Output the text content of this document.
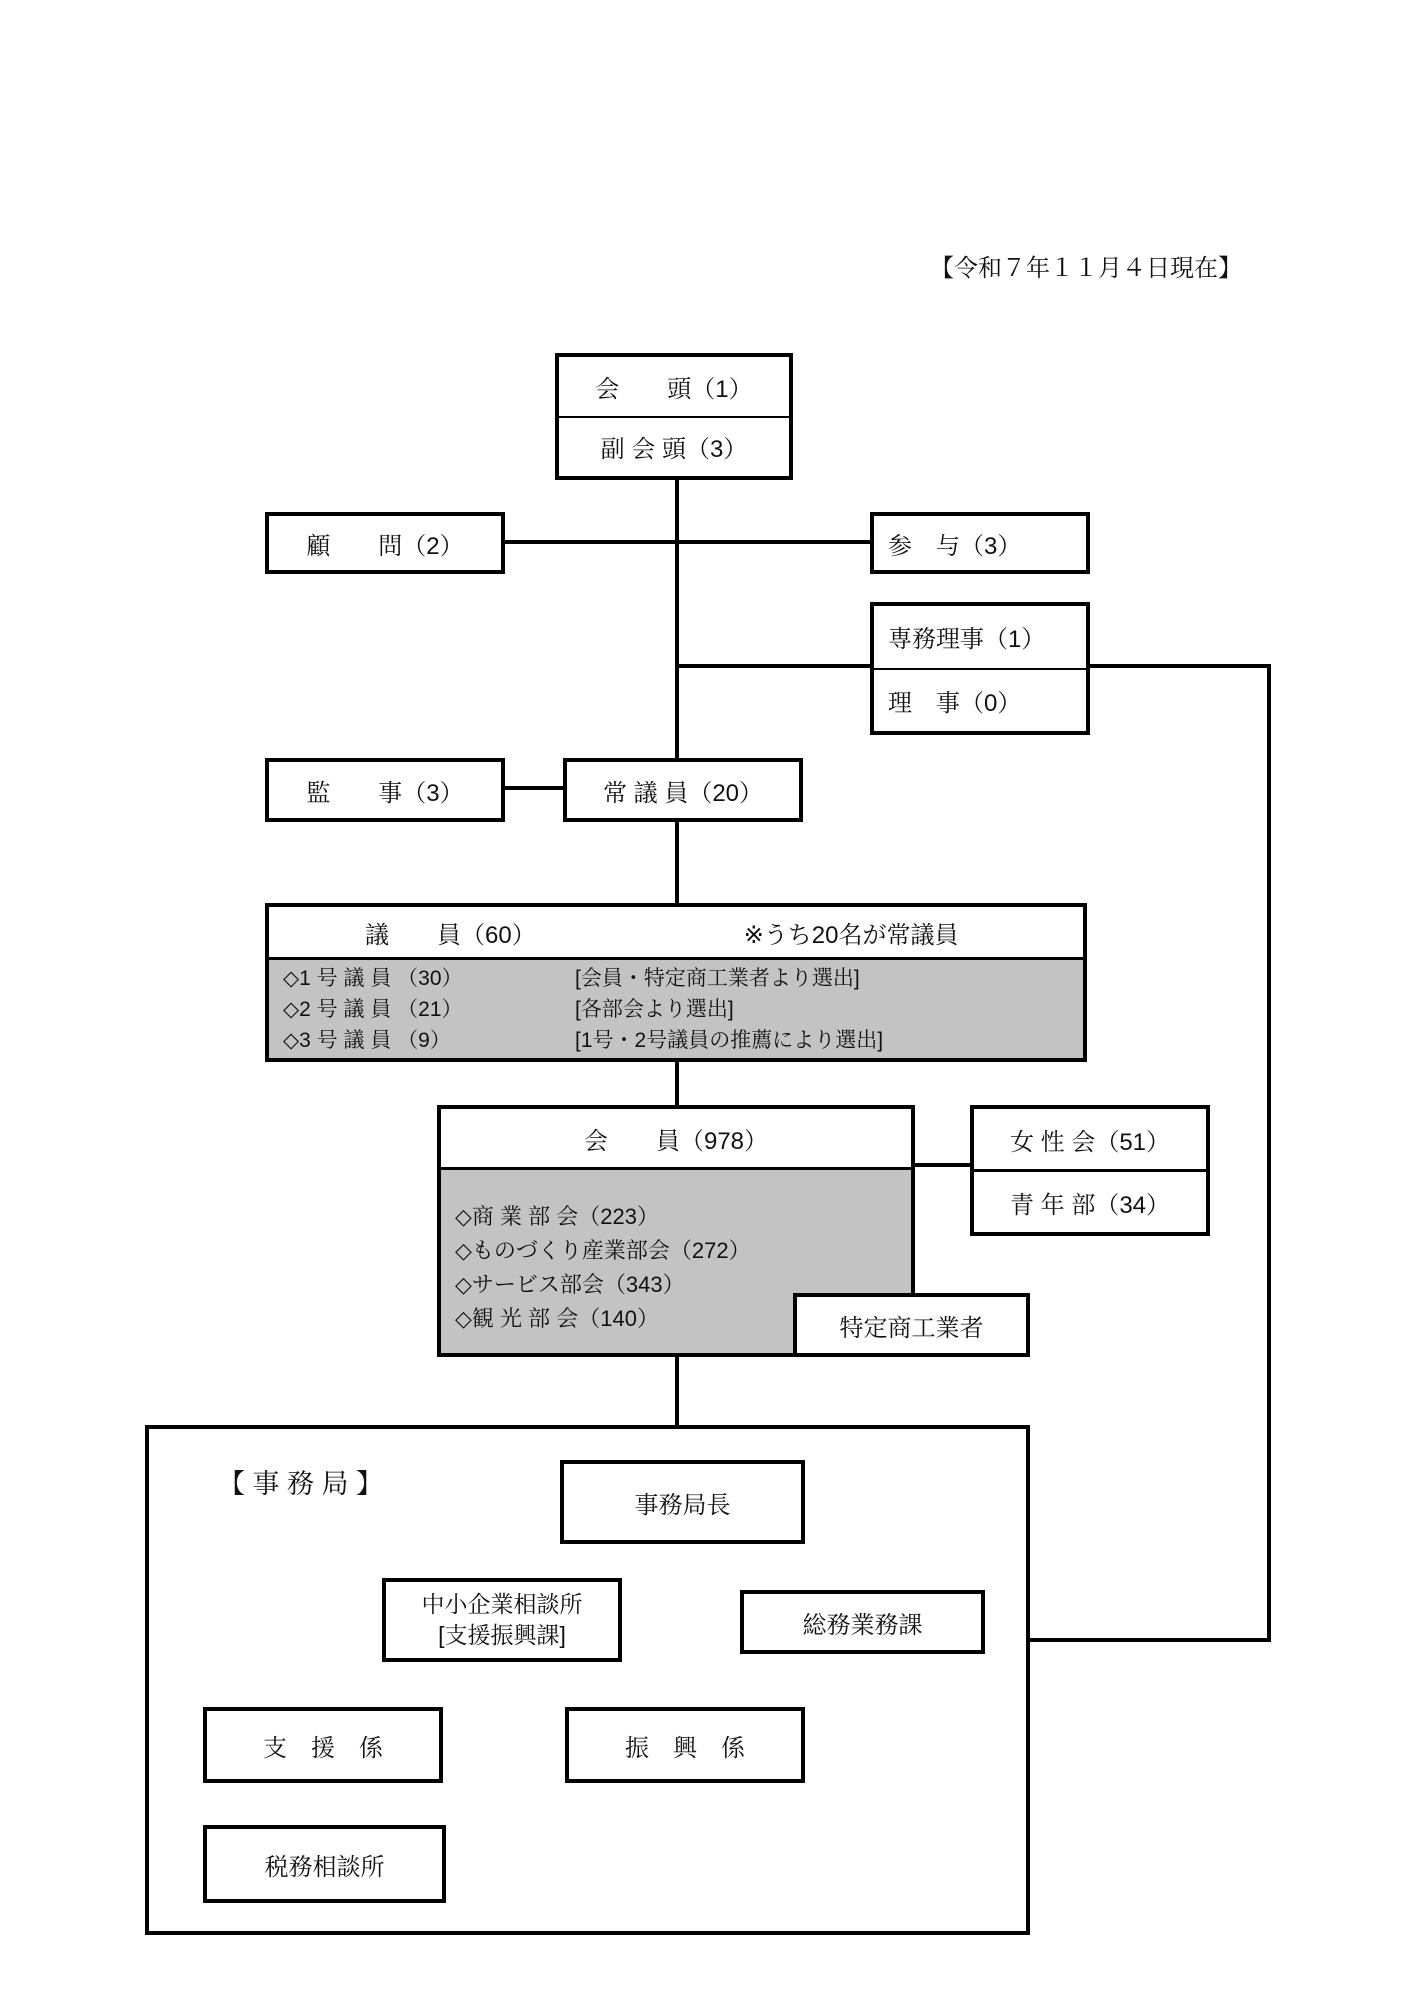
【令和７年１１月４日現在】
会　　頭（1）
副 会 頭（3）
顧　　問（2）	参　与（3）
専務理事（1）
理　事（0）
監　　事（3）	常 議 員（20）
議　　員（60）	※うち20名が常議員
◇1 号 議 員 （30）	[会員・特定商工業者より選出]
◇2 号 議 員 （21）	[各部会より選出]
◇3 号 議 員 （9）	[1号・2号議員の推薦により選出]
会　　員（978）
◇商 業 部 会（223）
◇ものづくり産業部会（272）
◇サービス部会（343）
◇観 光 部 会（140）
女 性 会（51）
青 年 部（34）
特定商工業者
【 事 務 局 】
事務局長
中小企業相談所
[支援振興課]	総務業務課
支　援　係	振　興　係
税務相談所
